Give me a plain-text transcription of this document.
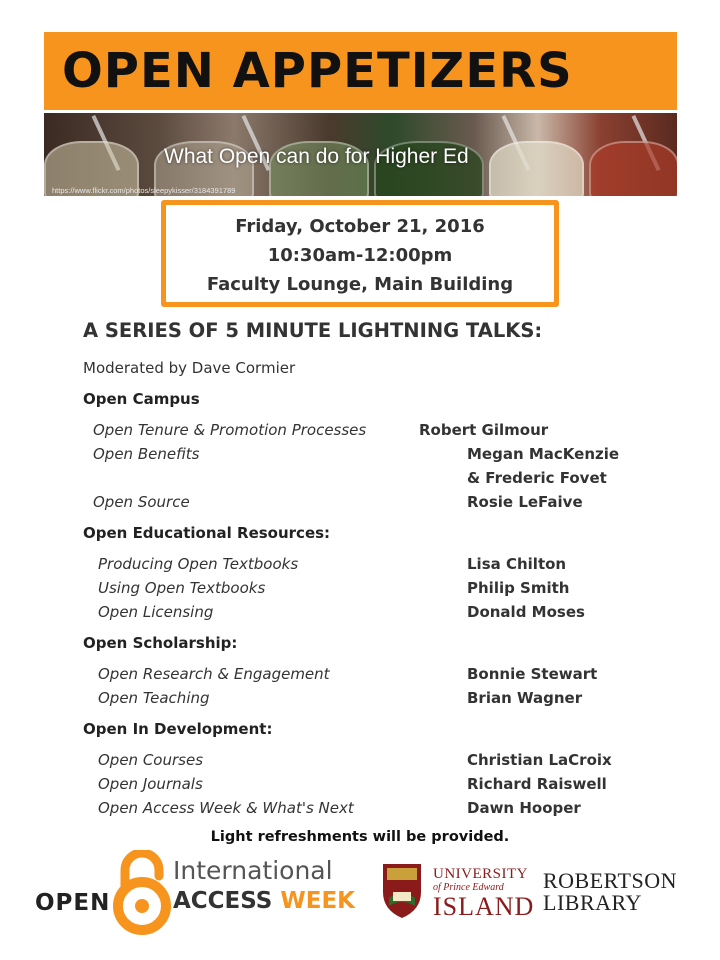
OPEN APPETIZERS
What Open can do for Higher Ed
https://www.flickr.com/photos/sleepykisser/3184391789
Friday, October 21, 2016
10:30am-12:00pm
Faculty Lounge, Main Building
A SERIES OF 5 MINUTE LIGHTNING TALKS:
Moderated by Dave Cormier
Open Campus
Open Tenure & Promotion Processes	Robert Gilmour
Open Benefits	Megan MacKenzie
& Frederic Fovet
Open Source	Rosie LeFaive
Open Educational Resources:
Producing Open Textbooks	Lisa Chilton
Using Open Textbooks	Philip Smith
Open Licensing	Donald Moses
Open Scholarship:
Open Research & Engagement	Bonnie Stewart
Open Teaching	Brian Wagner
Open In Development:
Open Courses	Christian LaCroix
Open Journals	Richard Raiswell
Open Access Week & What's Next	Dawn Hooper
Light refreshments will be provided.
OPEN
International
ACCESS WEEK
UNIVERSITY
of Prince Edward
ISLAND
ROBERTSON
LIBRARY
